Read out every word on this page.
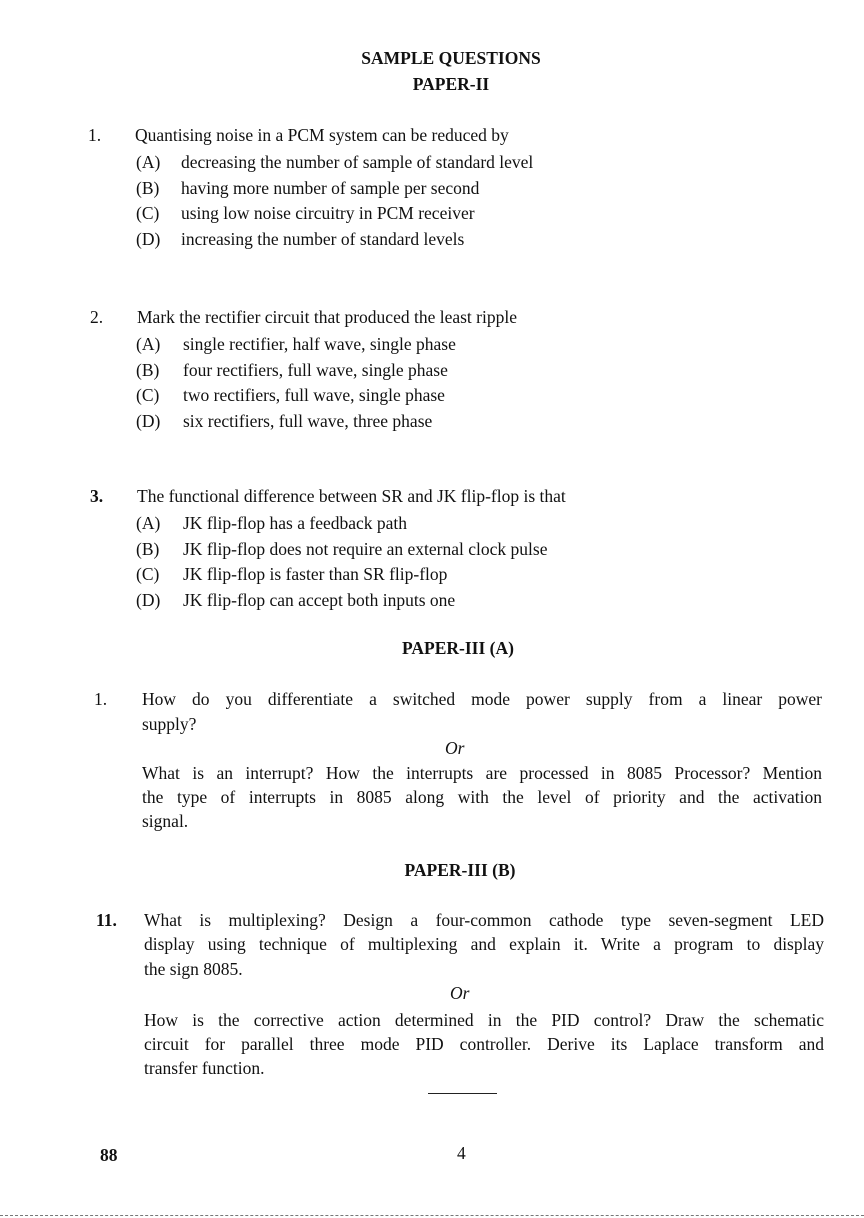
SAMPLE QUESTIONS
PAPER-II
1. Quantising noise in a PCM system can be reduced by
(A) decreasing the number of sample of standard level
(B) having more number of sample per second
(C) using low noise circuitry in PCM receiver
(D) increasing the number of standard levels
2. Mark the rectifier circuit that produced the least ripple
(A) single rectifier, half wave, single phase
(B) four rectifiers, full wave, single phase
(C) two rectifiers, full wave, single phase
(D) six rectifiers, full wave, three phase
3. The functional difference between SR and JK flip-flop is that
(A) JK flip-flop has a feedback path
(B) JK flip-flop does not require an external clock pulse
(C) JK flip-flop is faster than SR flip-flop
(D) JK flip-flop can accept both inputs one
PAPER-III (A)
1. How do you differentiate a switched mode power supply from a linear power
supply?
Or
What is an interrupt? How the interrupts are processed in 8085 Processor? Mention
the type of interrupts in 8085 along with the level of priority and the activation
signal.
PAPER-III (B)
11. What is multiplexing? Design a four-common cathode type seven-segment LED
display using technique of multiplexing and explain it. Write a program to display
the sign 8085.
Or
How is the corrective action determined in the PID control? Draw the schematic
circuit for parallel three mode PID controller. Derive its Laplace transform and
transfer function.
88	4
